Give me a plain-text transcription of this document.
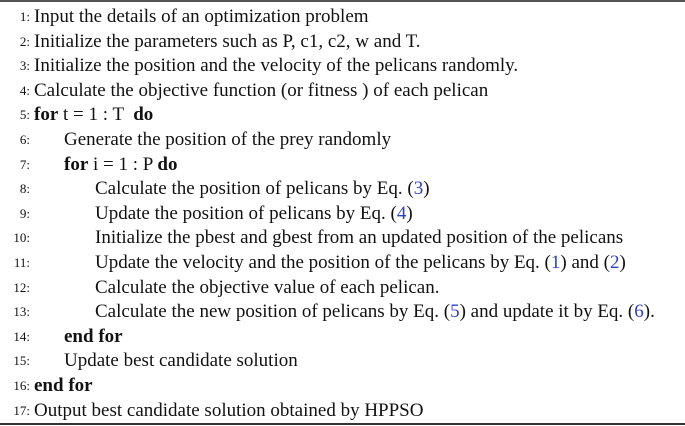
1: Input the details of an optimization problem
2: Initialize the parameters such as P, c1, c2, w and T.
3: Initialize the position and the velocity of the pelicans randomly.
4: Calculate the objective function (or fitness ) of each pelican
5: for t = 1 : T  do
6: Generate the position of the prey randomly
7: for i = 1 : P do
8:	Calculate the position of pelicans by Eq. (3)
9:	Update the position of pelicans by Eq. (4)
10:	Initialize the pbest and gbest from an updated position of the pelicans
11:	Update the velocity and the position of the pelicans by Eq. (1) and (2)
12:	Calculate the objective value of each pelican.
13:	Calculate the new position of pelicans by Eq. (5) and update it by Eq. (6).
14: end for
15: Update best candidate solution
16: end for
17: Output best candidate solution obtained by HPPSO
